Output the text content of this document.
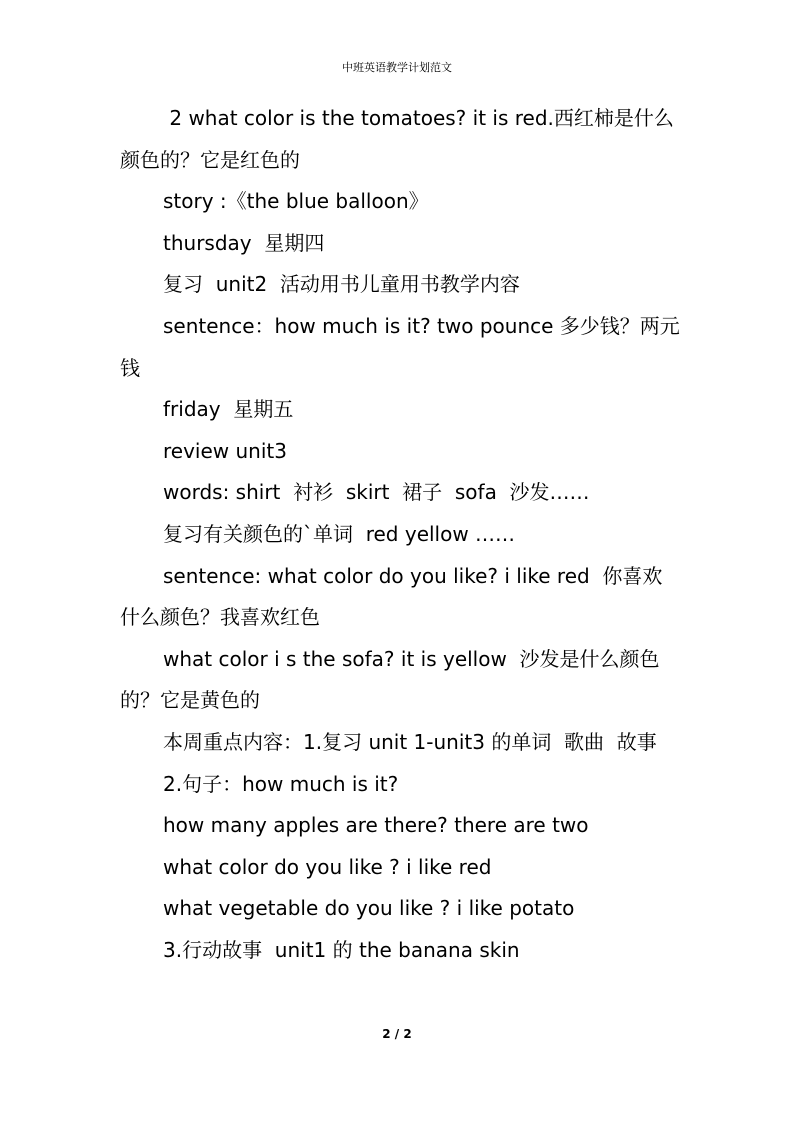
中班英语教学计划范文

2 what color is the tomatoes? it is red.西红柿是什么颜色的？它是红色的

story :《the blue balloon》

thursday  星期四

复习  unit2  活动用书儿童用书教学内容

sentence：how much is it? two pounce 多少钱？两元钱

friday  星期五

review unit3

words: shirt  衬衫  skirt  裙子  sofa  沙发……

复习有关颜色的`单词  red yellow ……

sentence: what color do you like? i like red  你喜欢什么颜色？我喜欢红色

what color i s the sofa? it is yellow  沙发是什么颜色的？它是黄色的

本周重点内容：1.复习 unit 1-unit3 的单词  歌曲  故事

2.句子：how much is it?

how many apples are there? there are two

what color do you like ? i like red

what vegetable do you like ? i like potato

3.行动故事  unit1 的 the banana skin

2 / 2
